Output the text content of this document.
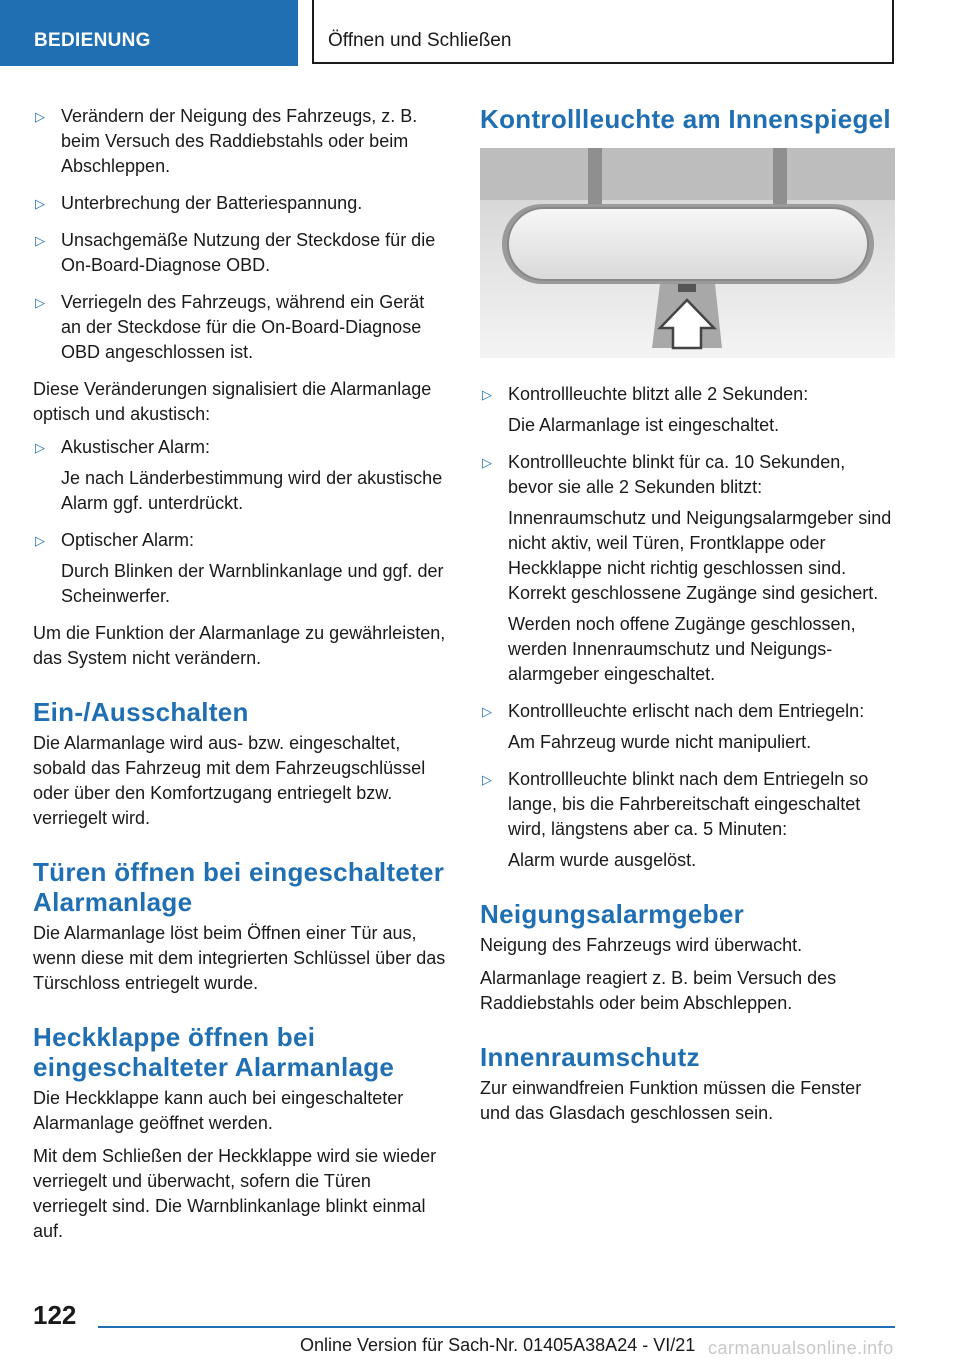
BEDIENUNG	Öffnen und Schließen
▷ Verändern der Neigung des Fahrzeugs, z. B. beim Versuch des Raddiebstahls oder beim Abschleppen.
▷ Unterbrechung der Batteriespannung.
▷ Unsachgemäße Nutzung der Steckdose für die On-Board-Diagnose OBD.
▷ Verriegeln des Fahrzeugs, während ein Gerät an der Steckdose für die On-Board-Diagnose OBD angeschlossen ist.

Diese Veränderungen signalisiert die Alarmanlage optisch und akustisch:

▷ Akustischer Alarm:
Je nach Länderbestimmung wird der akustische Alarm ggf. unterdrückt.
▷ Optischer Alarm:
Durch Blinken der Warnblinkanlage und ggf. der Scheinwerfer.

Um die Funktion der Alarmanlage zu gewährleisten, das System nicht verändern.

Ein-/Ausschalten

Die Alarmanlage wird aus- bzw. eingeschaltet, sobald das Fahrzeug mit dem Fahrzeugschlüssel oder über den Komfortzugang entriegelt bzw. verriegelt wird.

Türen öffnen bei eingeschalteter Alarmanlage

Die Alarmanlage löst beim Öffnen einer Tür aus, wenn diese mit dem integrierten Schlüssel über das Türschloss entriegelt wurde.

Heckklappe öffnen bei eingeschalteter Alarmanlage

Die Heckklappe kann auch bei eingeschalteter Alarmanlage geöffnet werden.

Mit dem Schließen der Heckklappe wird sie wieder verriegelt und überwacht, sofern die Türen verriegelt sind. Die Warnblinkanlage blinkt einmal auf.

Kontrollleuchte am Innenspiegel
▷ Kontrollleuchte blitzt alle 2 Sekunden:
Die Alarmanlage ist eingeschaltet.
▷ Kontrollleuchte blinkt für ca. 10 Sekunden, bevor sie alle 2 Sekunden blitzt:
Innenraumschutz und Neigungsalarmgeber sind nicht aktiv, weil Türen, Frontklappe oder Heckklappe nicht richtig geschlossen sind. Korrekt geschlossene Zugänge sind gesichert.
Werden noch offene Zugänge geschlossen, werden Innenraumschutz und Neigungsalarmgeber eingeschaltet.
▷ Kontrollleuchte erlischt nach dem Entriegeln:
Am Fahrzeug wurde nicht manipuliert.
▷ Kontrollleuchte blinkt nach dem Entriegeln so lange, bis die Fahrbereitschaft eingeschaltet wird, längstens aber ca. 5 Minuten:
Alarm wurde ausgelöst.
Neigungsalarmgeber

Neigung des Fahrzeugs wird überwacht.

Alarmanlage reagiert z. B. beim Versuch des Raddiebstahls oder beim Abschleppen.

Innenraumschutz

Zur einwandfreien Funktion müssen die Fenster und das Glasdach geschlossen sein.

122
Online Version für Sach-Nr. 01405A38A24 - VI/21 carmanualsonline.info
